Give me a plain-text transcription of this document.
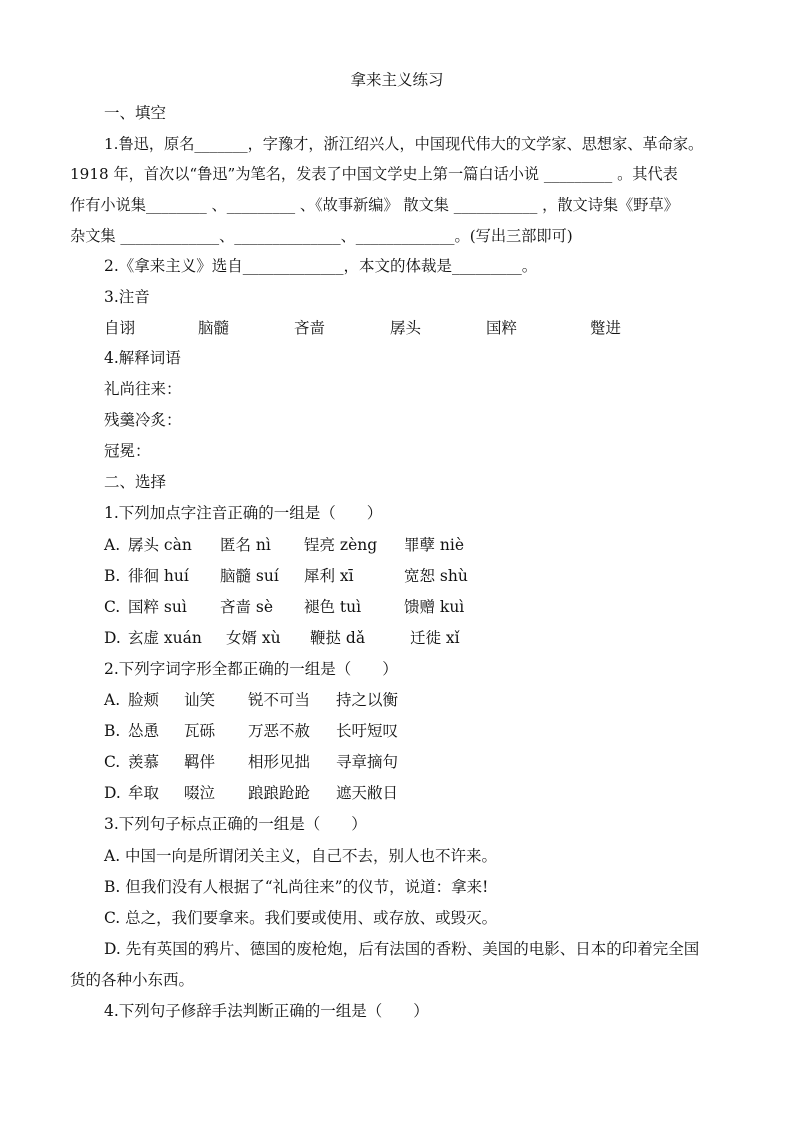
拿来主义练习
一、填空
1.鲁迅，原名_______，字豫才，浙江绍兴人，中国现代伟大的文学家、思想家、革命家。
1918 年，首次以“鲁迅”为笔名，发表了中国文学史上第一篇白话小说 _________ 。其代表
作有小说集________ 、_________ 、《故事新编》 散文集 ___________ ，散文诗集《野草》
杂文集 _____________、______________、_____________。(写出三部即可)
2.《拿来主义》选自_____________，本文的体裁是_________。
3.注音
自诩	脑髓	吝啬	孱头	国粹	蹩进
4.解释词语
礼尚往来：
残羹冷炙：
冠冕：
二、选择
1.下列加点字注音正确的一组是（　　）
A. 孱头 càn 匿名 nì 锃亮 zèng 罪孽 niè
B. 徘徊 huí 脑髓 suí 犀利 xī	宽恕 shù
C. 国粹 suì 吝啬 sè 褪色 tuì	馈赠 kuì
D. 玄虚 xuán 女婿 xù 鞭挞 dǎ	迁徙 xǐ
2.下列字词字形全都正确的一组是（　　）
A. 脸颊 讪笑 锐不可当 持之以衡
B. 怂恿 瓦砾 万恶不赦 长吁短叹
C. 羡慕 羁伴 相形见拙 寻章摘句
D. 牟取 啜泣 踉踉跄跄 遮天敝日
3.下列句子标点正确的一组是（　　）
A. 中国一向是所谓闭关主义，自己不去，别人也不许来。
B. 但我们没有人根据了“礼尚往来”的仪节，说道：拿来!
C. 总之，我们要拿来。我们要或使用、或存放、或毁灭。
D. 先有英国的鸦片、德国的废枪炮，后有法国的香粉、美国的电影、日本的印着完全国
货的各种小东西。
4.下列句子修辞手法判断正确的一组是（　　）
